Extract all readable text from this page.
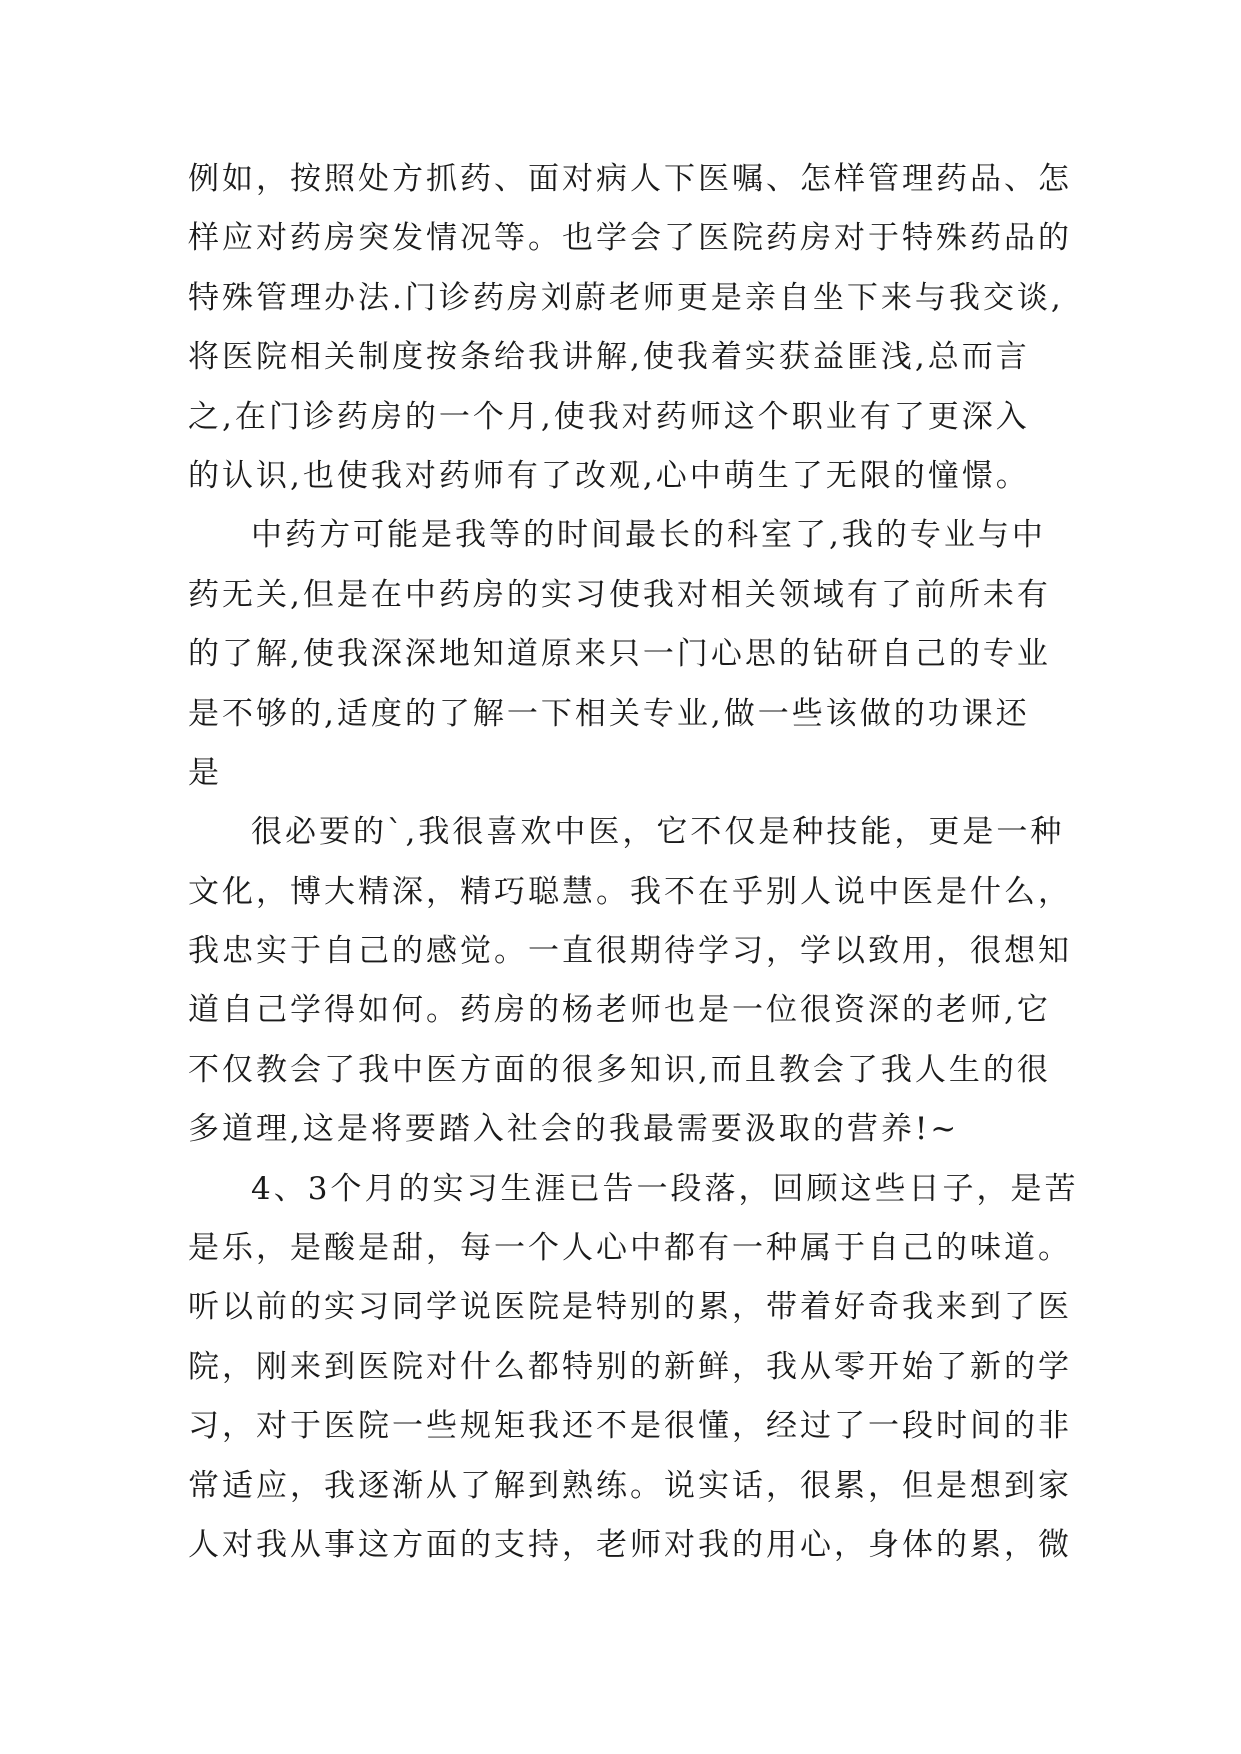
例如，按照处方抓药、面对病人下医嘱、怎样管理药品、怎
样应对药房突发情况等。也学会了医院药房对于特殊药品的
特殊管理办法.门诊药房刘蔚老师更是亲自坐下来与我交谈,
将医院相关制度按条给我讲解,使我着实获益匪浅,总而言
之,在门诊药房的一个月,使我对药师这个职业有了更深入
的认识,也使我对药师有了改观,心中萌生了无限的憧憬。
中药方可能是我等的时间最长的科室了,我的专业与中
药无关,但是在中药房的实习使我对相关领域有了前所未有
的了解,使我深深地知道原来只一门心思的钻研自己的专业
是不够的,适度的了解一下相关专业,做一些该做的功课还
是
很必要的`,我很喜欢中医，它不仅是种技能，更是一种
文化，博大精深，精巧聪慧。我不在乎别人说中医是什么，
我忠实于自己的感觉。一直很期待学习，学以致用，很想知
道自己学得如何。药房的杨老师也是一位很资深的老师,它
不仅教会了我中医方面的很多知识,而且教会了我人生的很
多道理,这是将要踏入社会的我最需要汲取的营养!~
4、3个月的实习生涯已告一段落，回顾这些日子，是苦
是乐，是酸是甜，每一个人心中都有一种属于自己的味道。
听以前的实习同学说医院是特别的累，带着好奇我来到了医
院，刚来到医院对什么都特别的新鲜，我从零开始了新的学
习，对于医院一些规矩我还不是很懂，经过了一段时间的非
常适应，我逐渐从了解到熟练。说实话，很累，但是想到家
人对我从事这方面的支持，老师对我的用心，身体的累，微
